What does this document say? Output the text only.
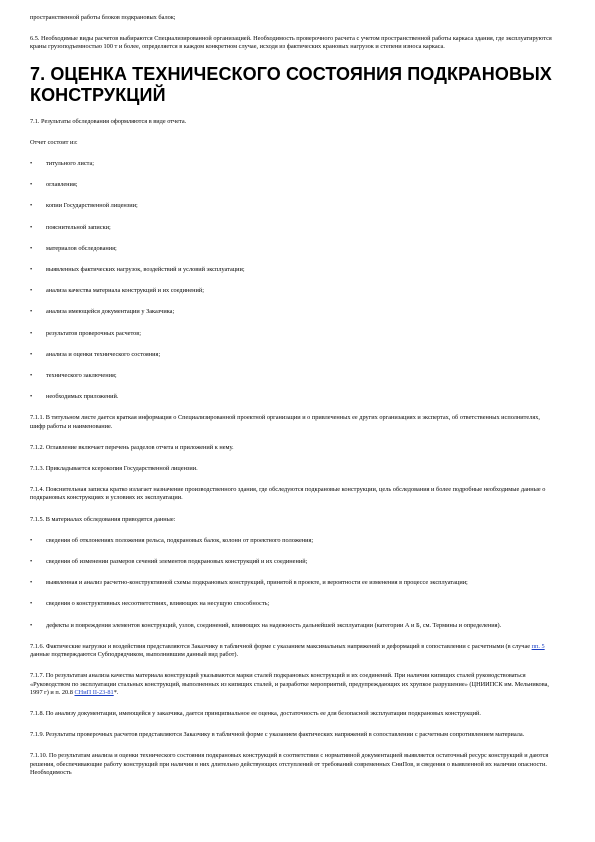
пространственной работы блоков подкрановых балок;

6.5. Необходимые виды расчетов выбираются Специализированной организацией. Необходимость проверочного расчета с учетом пространственной работы каркаса здания, где эксплуатируются краны грузоподъемностью 100 т и более, определяется в каждом конкретном случае, исходя из фактических крановых нагрузок и степени износа каркаса.

7. ОЦЕНКА ТЕХНИЧЕСКОГО СОСТОЯНИЯ ПОДКРАНОВЫХ КОНСТРУКЦИЙ

7.1. Результаты обследования оформляются в виде отчета.

Отчет состоит из:

• титульного листа;
• оглавления;
• копии Государственной лицензии;
• пояснительной записки;
• материалов обследования;
• выявленных фактических нагрузок, воздействий и условий эксплуатации;
• анализа качества материала конструкций и их соединений;
• анализа имеющейся документации у Заказчика;
• результатов проверочных расчетов;
• анализа и оценки технического состояния;
• технического заключения;
• необходимых приложений.

7.1.1. В титульном листе дается краткая информация о Специализированной проектной организации и о привлеченных ее других организациях и экспертах, об ответственных исполнителях, шифр работы и наименование.

7.1.2. Оглавление включает перечень разделов отчета и приложений к нему.

7.1.3. Прикладывается ксерокопия Государственной лицензии.

7.1.4. Пояснительная записка кратко излагает назначение производственного здания, где обследуются подкрановые конструкции, цель обследования и более подробные необходимые данные о подкрановых конструкциях и условиях их эксплуатации.

7.1.5. В материалах обследования приводятся данные:

• сведения об отклонениях положения рельса, подкрановых балок, колонн от проектного положения;
• сведения об изменении размеров сечений элементов подкрановых конструкций и их соединений;
• выявленная и анализ расчетно-конструктивной схемы подкрановых конструкций, принятой в проекте, и вероятности ее изменения в процессе эксплуатации;
• сведения о конструктивных несоответствиях, влияющих на несущую способность;
• дефекты и повреждения элементов конструкций, узлов, соединений, влияющих на надежность дальнейшей эксплуатации (категории А и Б, см. Термины и определения).

7.1.6. Фактические нагрузки и воздействия представляются Заказчику в табличной форме с указанием максимальных напряжений и деформаций в сопоставлении с расчетными (в случае пп. 5 данные подтверждаются Субподрядчиком, выполнившим данный вид работ).

7.1.7. По результатам анализа качества материала конструкций указываются марки сталей подкрановых конструкций и их соединений. При наличии кипящих сталей руководствоваться «Руководством по эксплуатации стальных конструкций, выполненных из кипящих сталей, и разработке мероприятий, предупреждающих их хрупкое разрушение» (ЦНИИПСК им. Мельникова, 1997 г) и п. 20.8 СНиП II-23-81*.

7.1.8. По анализу документации, имеющейся у заказчика, дается принципиальное ее оценка, достаточность ее для безопасной эксплуатации подкрановых конструкций.

7.1.9. Результаты проверочных расчетов представляются Заказчику в табличной форме с указанием фактических напряжений в сопоставлении с расчетным сопротивлением материала.

7.1.10. По результатам анализа и оценки технического состояния подкрановых конструкций в соответствии с нормативной документацией выявляется остаточный ресурс конструкций и даются решения, обеспечивающие работу конструкций при наличии в них длительно действующих отступлений от требований современных СниПов, и сведения о выявленной их наличии опасности. Необходимость
